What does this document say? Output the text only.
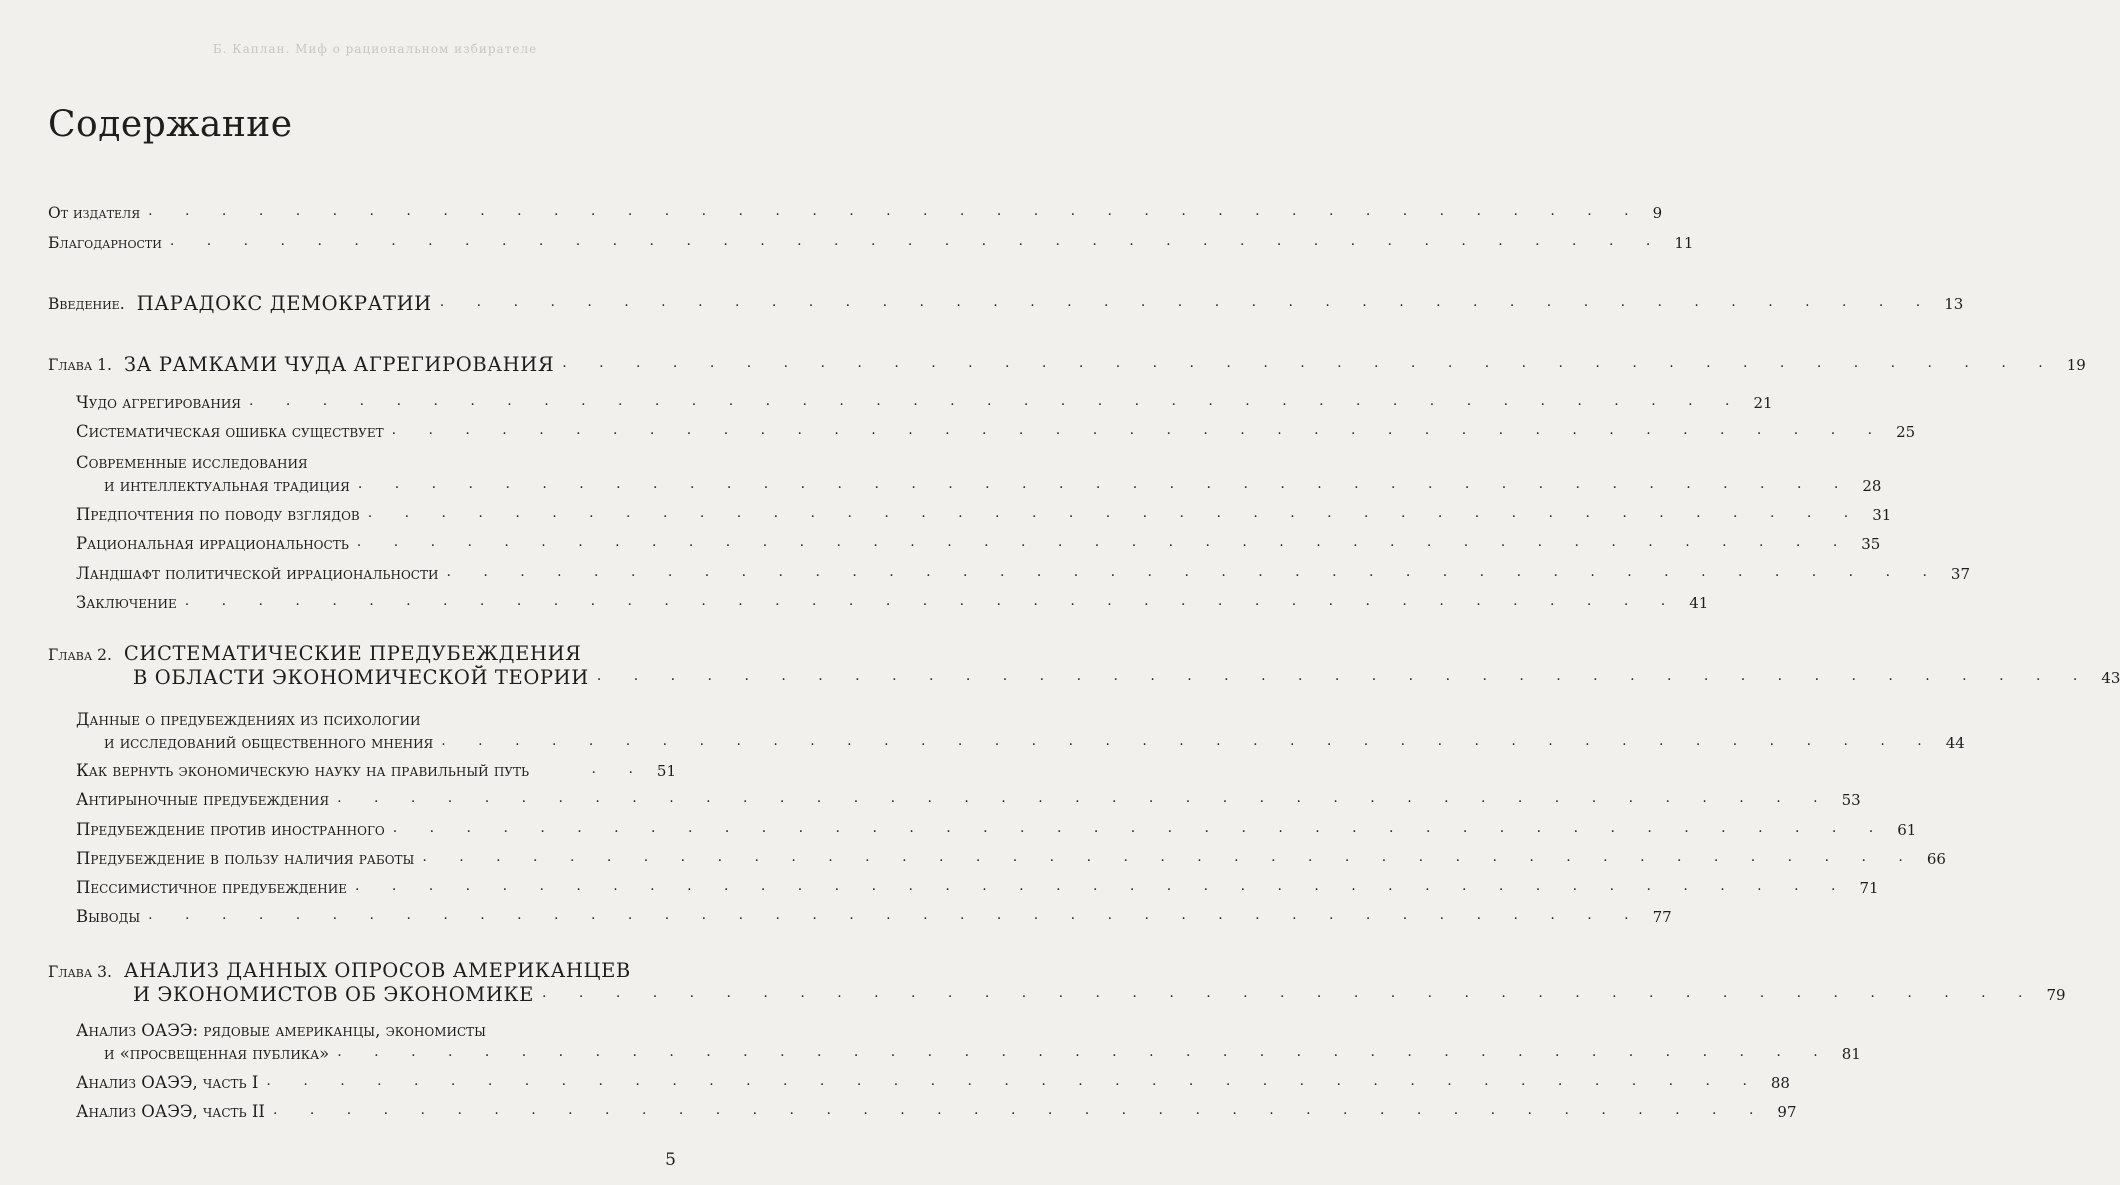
Б. Каплан. Миф о рациональном избирателе
Содержание
От издателя . . . . . . . . . . . . . . . . . . . . . . . . . . . . . . . . . . . . . . . . . 9
Благодарности . . . . . . . . . . . . . . . . . . . . . . . . . . . . . . . . . . . . . . . . . 11
Введение. ПАРАДОКС ДЕМОКРАТИИ . . . . . . . . . . . . . . . . . . . . . . . . . . . . . . . . . . . . . . . . . 13
Глава 1. ЗА РАМКАМИ ЧУДА АГРЕГИРОВАНИЯ . . . . . . . . . . . . . . . . . . . . . . . . . . . . . . . . . . . . . . . . . 19
Чудо агрегирования . . . . . . . . . . . . . . . . . . . . . . . . . . . . . . . . . . . . . . . . . 21
Систематическая ошибка существует . . . . . . . . . . . . . . . . . . . . . . . . . . . . . . . . . . . . . . . . . 25
Современные исследования
и интеллектуальная традиция . . . . . . . . . . . . . . . . . . . . . . . . . . . . . . . . . . . . . . . . . 28
Предпочтения по поводу взглядов . . . . . . . . . . . . . . . . . . . . . . . . . . . . . . . . . . . . . . . . . 31
Рациональная иррациональность . . . . . . . . . . . . . . . . . . . . . . . . . . . . . . . . . . . . . . . . . 35
Ландшафт политической иррациональности . . . . . . . . . . . . . . . . . . . . . . . . . . . . . . . . . . . . . . . . . 37
Заключение . . . . . . . . . . . . . . . . . . . . . . . . . . . . . . . . . . . . . . . . . 41
Глава 2. СИСТЕМАТИЧЕСКИЕ ПРЕДУБЕЖДЕНИЯ
В ОБЛАСТИ ЭКОНОМИЧЕСКОЙ ТЕОРИИ . . . . . . . . . . . . . . . . . . . . . . . . . . . . . . . . . . . . . . . . . 43
Данные о предубеждениях из психологии
и исследований общественного мнения . . . . . . . . . . . . . . . . . . . . . . . . . . . . . . . . . . . . . . . . . 44
Как вернуть экономическую науку на правильный путь	. . 51
Антирыночные предубеждения . . . . . . . . . . . . . . . . . . . . . . . . . . . . . . . . . . . . . . . . . 53
Предубеждение против иностранного . . . . . . . . . . . . . . . . . . . . . . . . . . . . . . . . . . . . . . . . . 61
Предубеждение в пользу наличия работы . . . . . . . . . . . . . . . . . . . . . . . . . . . . . . . . . . . . . . . . . 66
Пессимистичное предубеждение . . . . . . . . . . . . . . . . . . . . . . . . . . . . . . . . . . . . . . . . . 71
Выводы . . . . . . . . . . . . . . . . . . . . . . . . . . . . . . . . . . . . . . . . . 77
Глава 3. АНАЛИЗ ДАННЫХ ОПРОСОВ АМЕРИКАНЦЕВ
И ЭКОНОМИСТОВ ОБ ЭКОНОМИКЕ . . . . . . . . . . . . . . . . . . . . . . . . . . . . . . . . . . . . . . . . . 79
Анализ ОАЭЭ: рядовые американцы, экономисты
и «просвещенная публика» . . . . . . . . . . . . . . . . . . . . . . . . . . . . . . . . . . . . . . . . . 81
Анализ ОАЭЭ, часть I . . . . . . . . . . . . . . . . . . . . . . . . . . . . . . . . . . . . . . . . . 88
Анализ ОАЭЭ, часть II . . . . . . . . . . . . . . . . . . . . . . . . . . . . . . . . . . . . . . . . . 97
5
